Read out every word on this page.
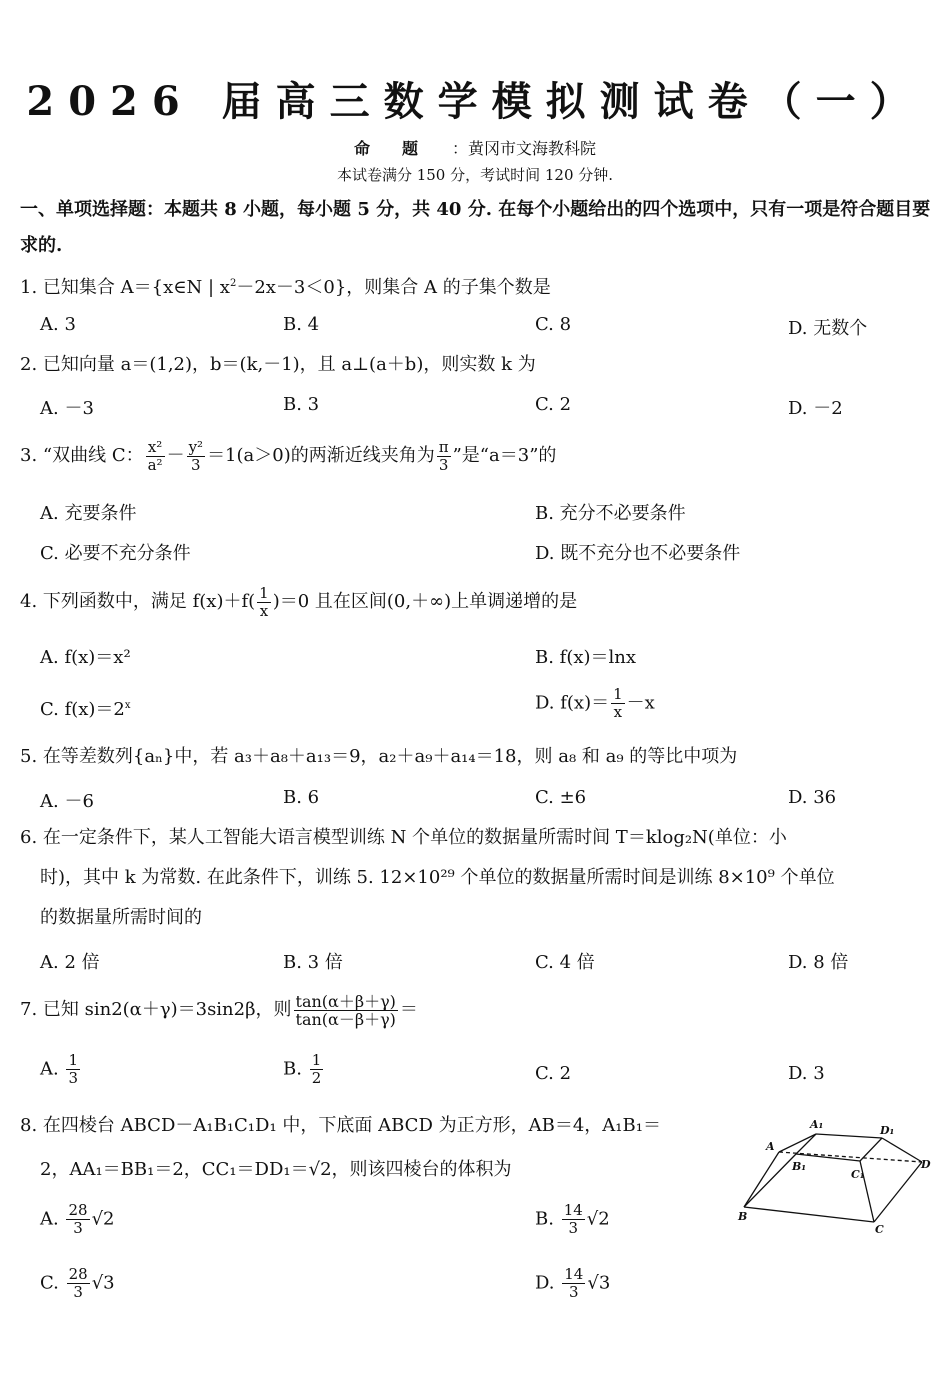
2026 届高三数学模拟测试卷（一）
命　　题 ：黄冈市文海教科院
本试卷满分 150 分，考试时间 120 分钟.
一、单项选择题：本题共 8 小题，每小题 5 分，共 40 分. 在每个小题给出的四个选项中，只有一项是符合题目要求的.
1. 已知集合 A＝{x∈N | $x^2-2x-3<0$}，则集合 A 的子集个数是
A. 3	B. 4	C. 8	D. 无数个
2. 已知向量 a＝(1,2)，b＝(k,－1)，且 a⊥(a＋b)，则实数 k 为
A. －3	B. 3	C. 2	D. －2
3. “双曲线 C： $\frac{\text{x²}}{\text{a²}} - \frac{\text{y²}}{3} =1(a>0)$的两渐近线夹角为 $\frac{\pi}{3}$ ”是“a＝3”的
A. 充要条件	B. 充分不必要条件
C. 必要不充分条件	D. 既不充分也不必要条件
4. 下列函数中，满足 $f(x)+f( \frac{1}{x} )=0$ 且在区间(0,＋∞)上单调递增的是
A. f(x)＝x²	B. f(x)＝lnx
C. $f(x)=2^x$	D. $f(x)= \frac{1}{x} -x$
5. 在等差数列{aₙ}中，若 a₃＋a₈＋a₁₃＝9，a₂＋a₉＋a₁₄＝18，则 a₈ 和 a₉ 的等比中项为
A. －6	B. 6	C. ±6	D. 36
6. 在一定条件下，某人工智能大语言模型训练 N 个单位的数据量所需时间 T＝klog₂N(单位：小
时)，其中 k 为常数. 在此条件下，训练 5. 12×10²⁹ 个单位的数据量所需时间是训练 8×10⁹ 个单位
的数据量所需时间的
A. 2 倍	B. 3 倍	C. 4 倍	D. 8 倍
7. 已知 sin2(α＋γ)＝3sin2β，则 $\frac{\tan(\alpha+\beta+\gamma)}{\tan(\alpha-\beta+\gamma)}$ ＝
A. $\frac{1}{3}$	B. $\frac{1}{2}$	C. 2	D. 3
8. 在四棱台 ABCD－A₁B₁C₁D₁ 中，下底面 ABCD 为正方形，AB＝4，A₁B₁＝
2，AA₁＝BB₁＝2，CC₁＝DD₁＝√2，则该四棱台的体积为
A. $\frac{28}{3} √2$	B. $\frac{14}{3} √2$
C. $\frac{28}{3} √3$	D. $\frac{14}{3} √3$
A₁	D₁
A
D
B₁
C₁
B
C
